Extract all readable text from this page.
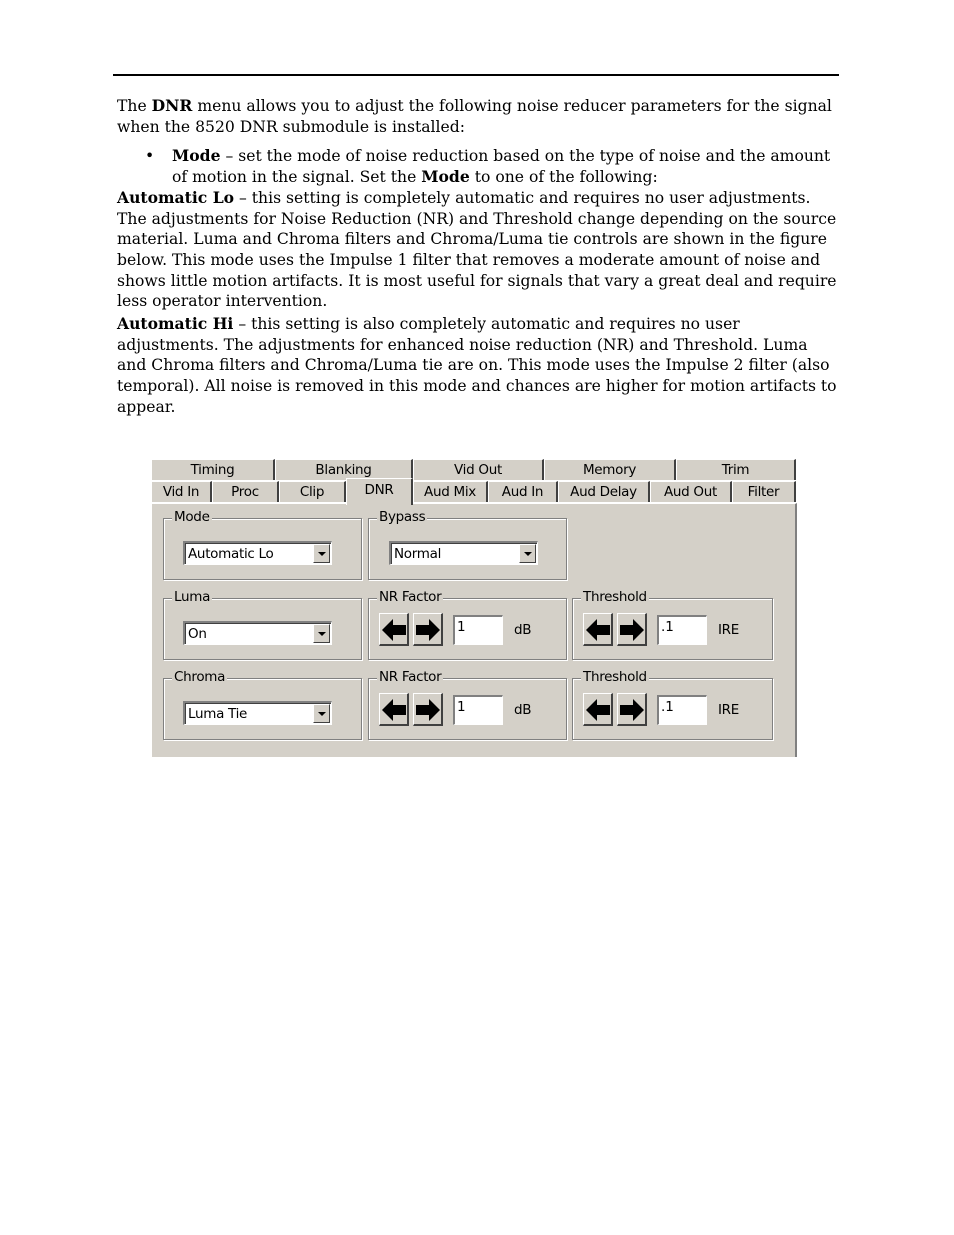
The DNR menu allows you to adjust the following noise reducer parameters for the signal when the 8520 DNR submodule is installed:

• Mode – set the mode of noise reduction based on the type of noise and the amount of motion in the signal. Set the Mode to one of the following:

Automatic Lo – this setting is completely automatic and requires no user adjustments. The adjustments for Noise Reduction (NR) and Threshold change depending on the source material. Luma and Chroma filters and Chroma/Luma tie controls are shown in the figure below. This mode uses the Impulse 1 filter that removes a moderate amount of noise and shows little motion artifacts. It is most useful for signals that vary a great deal and require less operator intervention.

Automatic Hi – this setting is also completely automatic and requires no user adjustments. The adjustments for enhanced noise reduction (NR) and Threshold. Luma and Chroma filters and Chroma/Luma tie are on. This mode uses the Impulse 2 filter (also temporal). All noise is removed in this mode and chances are higher for motion artifacts to appear.

Timing	Blanking	Vid Out	Memory	Trim
Vid In	Proc	Clip	DNR	Aud Mix	Aud In	Aud Delay	Aud Out	Filter
Mode
Automatic Lo
Bypass
Normal
Luma
On
NR Factor
1	dB
Threshold
.1	IRE
Chroma
Luma Tie
NR Factor
1	dB
Threshold
.1	IRE
